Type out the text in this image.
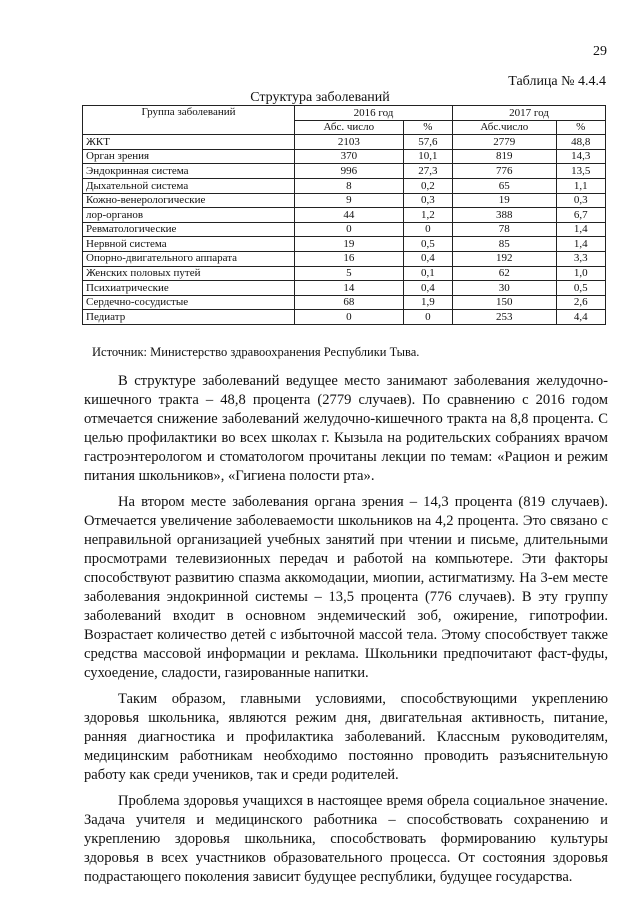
29
Таблица № 4.4.4
Структура заболеваний
Группа заболеваний	2016 год		2017 год	
	Абс. число	%	Абс.число	%
ЖКТ	2103	57,6	2779	48,8
Орган зрения	370	10,1	819	14,3
Эндокринная система	996	27,3	776	13,5
Дыхательной системa	8	0,2	65	1,1
Кожно-венерологические	9	0,3	19	0,3
лор-органов	44	1,2	388	6,7
Ревматологические	0	0	78	1,4
Нервной система	19	0,5	85	1,4
Опорно-двигательного аппарата	16	0,4	192	3,3
Женских половых путей	5	0,1	62	1,0
Психиатрические	14	0,4	30	0,5
Сердечно-сосудистые	68	1,9	150	2,6
Педиатр	0	0	253	4,4
Источник: Министерство здравоохранения Республики Тыва.

В структуре заболеваний ведущее место занимают заболевания желудочно-кишечного тракта – 48,8 процента (2779 случаев). По сравнению с 2016 годом отмечается снижение заболеваний желудочно-кишечного тракта на 8,8 процента. С целью профилактики во всех школах г. Кызыла на родительских собраниях врачом гастроэнтерологом и стоматологом прочитаны лекции по темам: «Рацион и режим питания школьников», «Гигиена полости рта».

На втором месте заболевания органа зрения – 14,3 процента (819 случаев). Отмечается увеличение заболеваемости школьников на 4,2 процента. Это связано с неправильной организацией учебных занятий при чтении и письме, длительными просмотрами телевизионных передач и работой на компьютере. Эти факторы способствуют развитию спазма аккомодации, миопии, астигматизму. На 3-ем месте заболевания эндокринной системы – 13,5 процента (776 случаев). В эту группу заболеваний входит в основном эндемический зоб, ожирение, гипотрофии. Возрастает количество детей с избыточной массой тела. Этому способствует также средства массовой информации и реклама. Школьники предпочитают фаст-фуды, сухоедение, сладости, газированные напитки.

Таким образом, главными условиями, способствующими укреплению здоровья школьника, являются режим дня, двигательная активность, питание, ранняя диагностика и профилактика заболеваний. Классным руководителям, медицинским работникам необходимо постоянно проводить разъяснительную работу как среди учеников, так и среди родителей.

Проблема здоровья учащихся в настоящее время обрела социальное значение. Задача учителя и медицинского работника – способствовать сохранению и укреплению здоровья школьника, способствовать формированию культуры здоровья в всех участников образовательного процесса. От состояния здоровья подрастающего поколения зависит будущее республики, будущее государства.
